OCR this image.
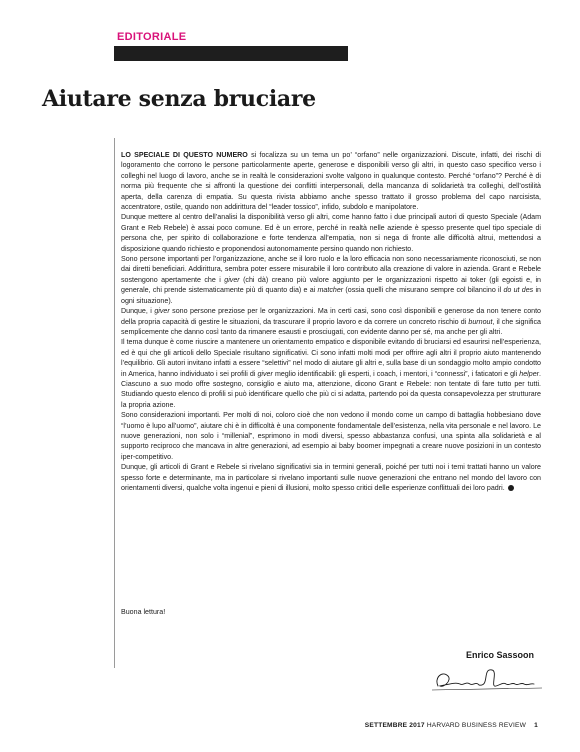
EDITORIALE
Aiutare senza bruciare

LO SPECIALE DI QUESTO NUMERO si focalizza su un tema un po’ “orfano” nelle organizzazioni. Discute, infatti, dei rischi di logoramento che corrono le persone particolarmente aperte, generose e disponibili verso gli altri, in questo caso specifico verso i colleghi nel luogo di lavoro, anche se in realtà le considerazioni svolte valgono in qualunque contesto. Perché “orfano”? Perché è di norma più frequente che si affronti la questione dei conflitti interpersonali, della mancanza di solidarietà tra colleghi, dell’ostilità aperta, della carenza di empatia. Su questa rivista abbiamo anche spesso trattato il grosso problema del capo narcisista, accentratore, ostile, quando non addirittura del “leader tossico”, infido, subdolo e manipolatore.

Dunque mettere al centro dell’analisi la disponibilità verso gli altri, come hanno fatto i due principali autori di questo Speciale (Adam Grant e Reb Rebele) è assai poco comune. Ed è un errore, perché in realtà nelle aziende è spesso presente quel tipo speciale di persona che, per spirito di collaborazione e forte tendenza all’empatia, non si nega di fronte alle difficoltà altrui, mettendosi a disposizione quando richiesto e proponendosi autonomamente persino quando non richiesto.

Sono persone importanti per l’organizzazione, anche se il loro ruolo e la loro efficacia non sono necessariamente riconosciuti, se non dai diretti beneficiari. Addirittura, sembra poter essere misurabile il loro contributo alla creazione di valore in azienda. Grant e Rebele sostengono apertamente che i giver (chi dà) creano più valore aggiunto per le organizzazioni rispetto ai toker (gli egoisti e, in generale, chi prende sistematicamente più di quanto dia) e ai matcher (ossia quelli che misurano sempre col bilancino il do ut des in ogni situazione).

Dunque, i giver sono persone preziose per le organizzazioni. Ma in certi casi, sono così disponibili e generose da non tenere conto della propria capacità di gestire le situazioni, da trascurare il proprio lavoro e da correre un concreto rischio di burnout, il che significa semplicemente che danno così tanto da rimanere esausti e prosciugati, con evidente danno per sé, ma anche per gli altri.

Il tema dunque è come riuscire a mantenere un orientamento empatico e disponibile evitando di bruciarsi ed esaurirsi nell’esperienza, ed è qui che gli articoli dello Speciale risultano significativi. Ci sono infatti molti modi per offrire agli altri il proprio aiuto mantenendo l’equilibrio. Gli autori invitano infatti a essere “selettivi” nel modo di aiutare gli altri e, sulla base di un sondaggio molto ampio condotto in America, hanno individuato i sei profili di giver meglio identificabili: gli esperti, i coach, i mentori, i “connessi”, i faticatori e gli helper. Ciascuno a suo modo offre sostegno, consiglio e aiuto ma, attenzione, dicono Grant e Rebele: non tentate di fare tutto per tutti. Studiando questo elenco di profili si può identificare quello che più ci si adatta, partendo poi da questa consapevolezza per strutturare la propria azione.

Sono considerazioni importanti. Per molti di noi, coloro cioè che non vedono il mondo come un campo di battaglia hobbesiano dove “l’uomo è lupo all’uomo”, aiutare chi è in difficoltà è una componente fondamentale dell’esistenza, nella vita personale e nel lavoro. Le nuove generazioni, non solo i “millenial”, esprimono in modi diversi, spesso abbastanza confusi, una spinta alla solidarietà e al supporto reciproco che mancava in altre generazioni, ad esempio ai baby boomer impegnati a creare nuove posizioni in un contesto iper-competitivo.

Dunque, gli articoli di Grant e Rebele si rivelano significativi sia in termini generali, poiché per tutti noi i temi trattati hanno un valore spesso forte e determinante, ma in particolare si rivelano importanti sulle nuove generazioni che entrano nel mondo del lavoro con orientamenti diversi, qualche volta ingenui e pieni di illusioni, molto spesso critici delle esperienze conflittuali dei loro padri.

Buona lettura!
Enrico Sassoon
SETTEMBRE 2017 HARVARD BUSINESS REVIEW 1
